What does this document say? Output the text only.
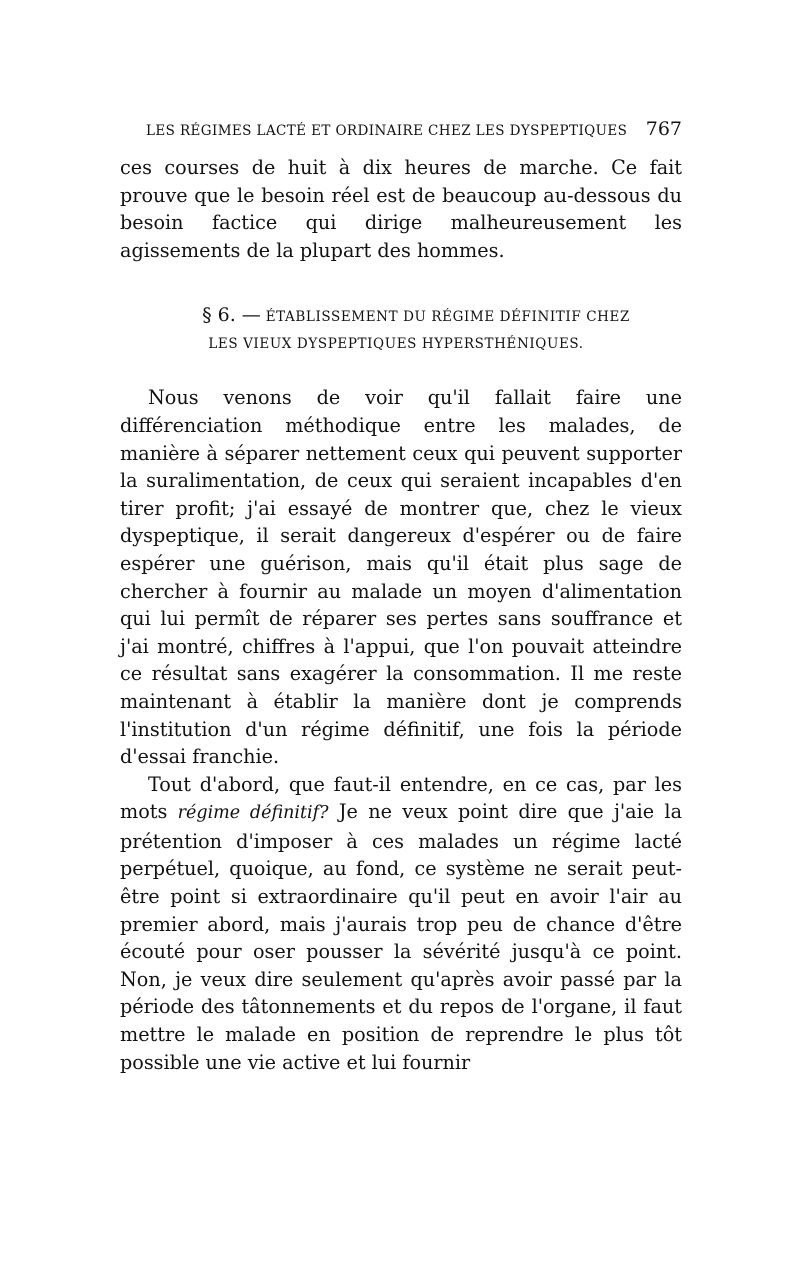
LES RÉGIMES LACTÉ ET ORDINAIRE CHEZ LES DYSPEPTIQUES 767

ces courses de huit à dix heures de marche. Ce fait prouve que le besoin réel est de beaucoup au-dessous du besoin factice qui dirige malheureusement les agissements de la plupart des hommes.

§ 6. — ÉTABLISSEMENT DU RÉGIME DÉFINITIF CHEZ
LES VIEUX DYSPEPTIQUES HYPERSTHÉNIQUES.

Nous venons de voir qu'il fallait faire une différenciation méthodique entre les malades, de manière à séparer nettement ceux qui peuvent supporter la suralimentation, de ceux qui seraient incapables d'en tirer profit; j'ai essayé de montrer que, chez le vieux dyspeptique, il serait dangereux d'espérer ou de faire espérer une guérison, mais qu'il était plus sage de chercher à fournir au malade un moyen d'alimentation qui lui permît de réparer ses pertes sans souffrance et j'ai montré, chiffres à l'appui, que l'on pouvait atteindre ce résultat sans exagérer la consommation. Il me reste maintenant à établir la manière dont je comprends l'institution d'un régime définitif, une fois la période d'essai franchie.

Tout d'abord, que faut-il entendre, en ce cas, par les mots régime définitif? Je ne veux point dire que j'aie la prétention d'imposer à ces malades un régime lacté perpétuel, quoique, au fond, ce système ne serait peut-être point si extraordinaire qu'il peut en avoir l'air au premier abord, mais j'aurais trop peu de chance d'être écouté pour oser pousser la sévérité jusqu'à ce point. Non, je veux dire seulement qu'après avoir passé par la période des tâtonnements et du repos de l'organe, il faut mettre le malade en position de reprendre le plus tôt possible une vie active et lui fournir
